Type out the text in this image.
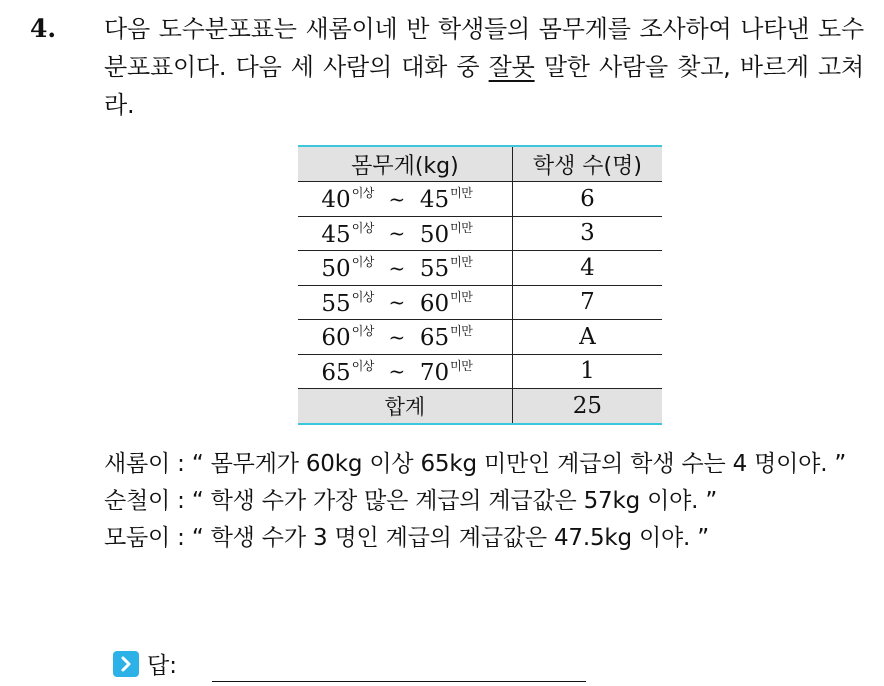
4. 다음 도수분포표는 새롬이네 반 학생들의 몸무게를 조사하여 나타낸 도수분포표이다. 다음 세 사람의 대화 중 잘못 말한 사람을 찾고, 바르게 고쳐라.

몸무게(kg)	학생 수(명)

$40^{이상}$ ~ $45^{미만}$	6

$45^{이상}$ ~ $50^{미만}$	3

$50^{이상}$ ~ $55^{미만}$	4

$55^{이상}$ ~ $60^{미만}$	7

$60^{이상}$ ~ $65^{미만}$	A

$65^{이상}$ ~ $70^{미만}$	1
합계	25

새롬이 : “ 몸무게가 60kg 이상 65kg 미만인 계급의 학생 수는 4 명이야. ”

순철이 : “ 학생 수가 가장 많은 계급의 계급값은 57kg 이야. ”

모둠이 : “ 학생 수가 3 명인 계급의 계급값은 47.5kg 이야. ”

답:
